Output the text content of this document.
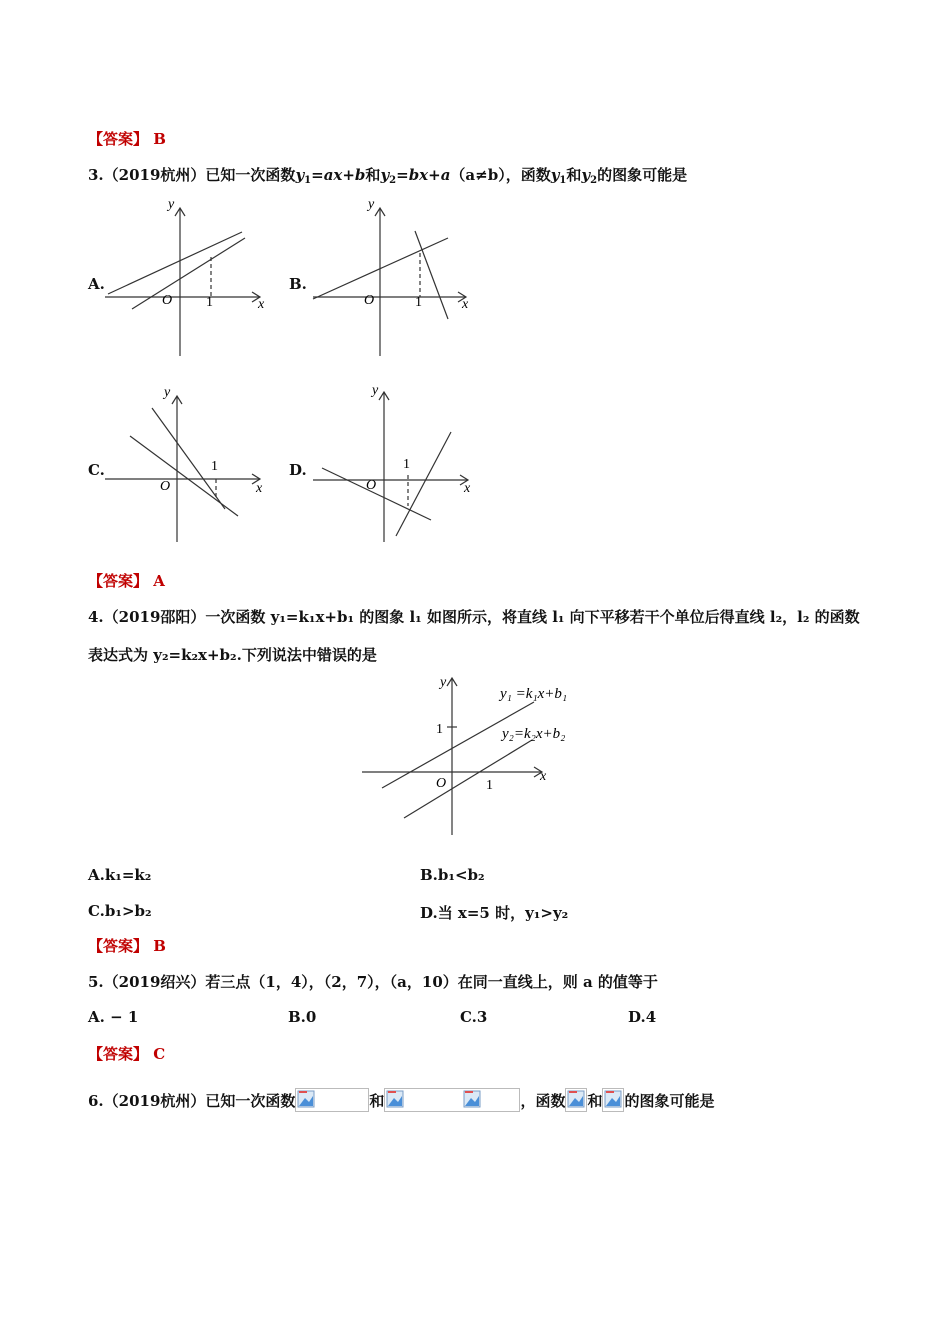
【答案】 B
3.（2019杭州）已知一次函数$y_1=ax+b$和$y_2=bx+a(a\ne b)$，函数$y_1$和$y_2$的图象可能是
A.
y
x
O 1
B.
y
x
O	1
C.
y
x
O
1	D.
y
x
O
1
【答案】 A
4.（2019邵阳）一次函数 y₁=k₁x+b₁ 的图象 l₁ 如图所示，将直线 l₁ 向下平移若干个单位后得直线 l₂，l₂ 的函数
表达式为 y₂=k₂x+b₂.下列说法中错误的是
y
x
O
1
1
y₁ =k₁x+b₁
y₂=k₂x+b₂
A.k₁=k₂	B.b₁<b₂
C.b₁>b₂	D.当 x=5 时，y₁>y₂
【答案】 B
5.（2019绍兴）若三点（1，4），（2，7），（a，10）在同一直线上，则 a 的值等于
A. − 1	B.0	C.3	D.4
【答案】 C
6.（2019杭州）已知一次函数	和	，函数 和 的图象可能是
